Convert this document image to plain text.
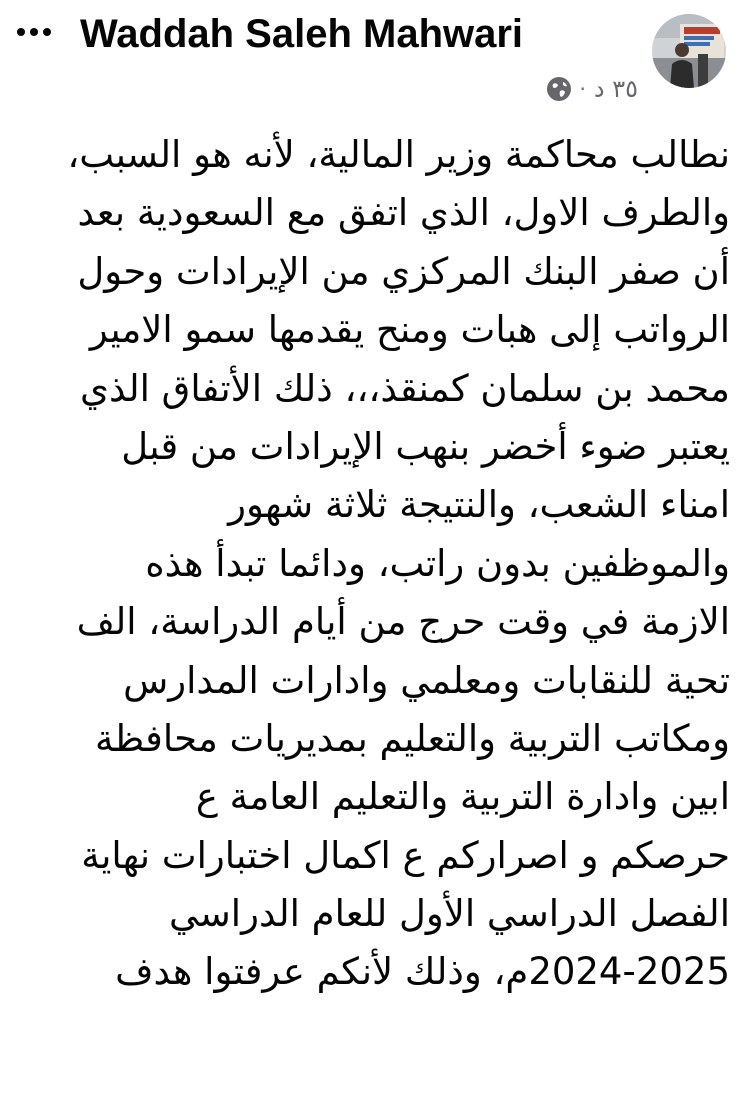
Waddah Saleh Mahwari
٣٥ د
·
نطالب محاكمة وزير المالية، لأنه هو السبب،
والطرف الاول، الذي اتفق مع السعودية بعد
أن صفر البنك المركزي من الإيرادات وحول
الرواتب إلى هبات ومنح يقدمها سمو الامير
محمد بن سلمان كمنقذ،،، ذلك الأتفاق الذي
يعتبر ضوء أخضر بنهب الإيرادات من قبل
امناء الشعب، والنتيجة ثلاثة شهور
والموظفين بدون راتب، ودائما تبدأ هذه
الازمة في وقت حرج من أيام الدراسة، الف
تحية للنقابات ومعلمي وادارات المدارس
ومكاتب التربية والتعليم بمديريات محافظة
ابين وادارة التربية والتعليم العامة ع
حرصكم و اصراركم ع اكمال اختبارات نهاية
الفصل الدراسي الأول للعام الدراسي
2024-2025م، وذلك لأنكم عرفتوا هدف
